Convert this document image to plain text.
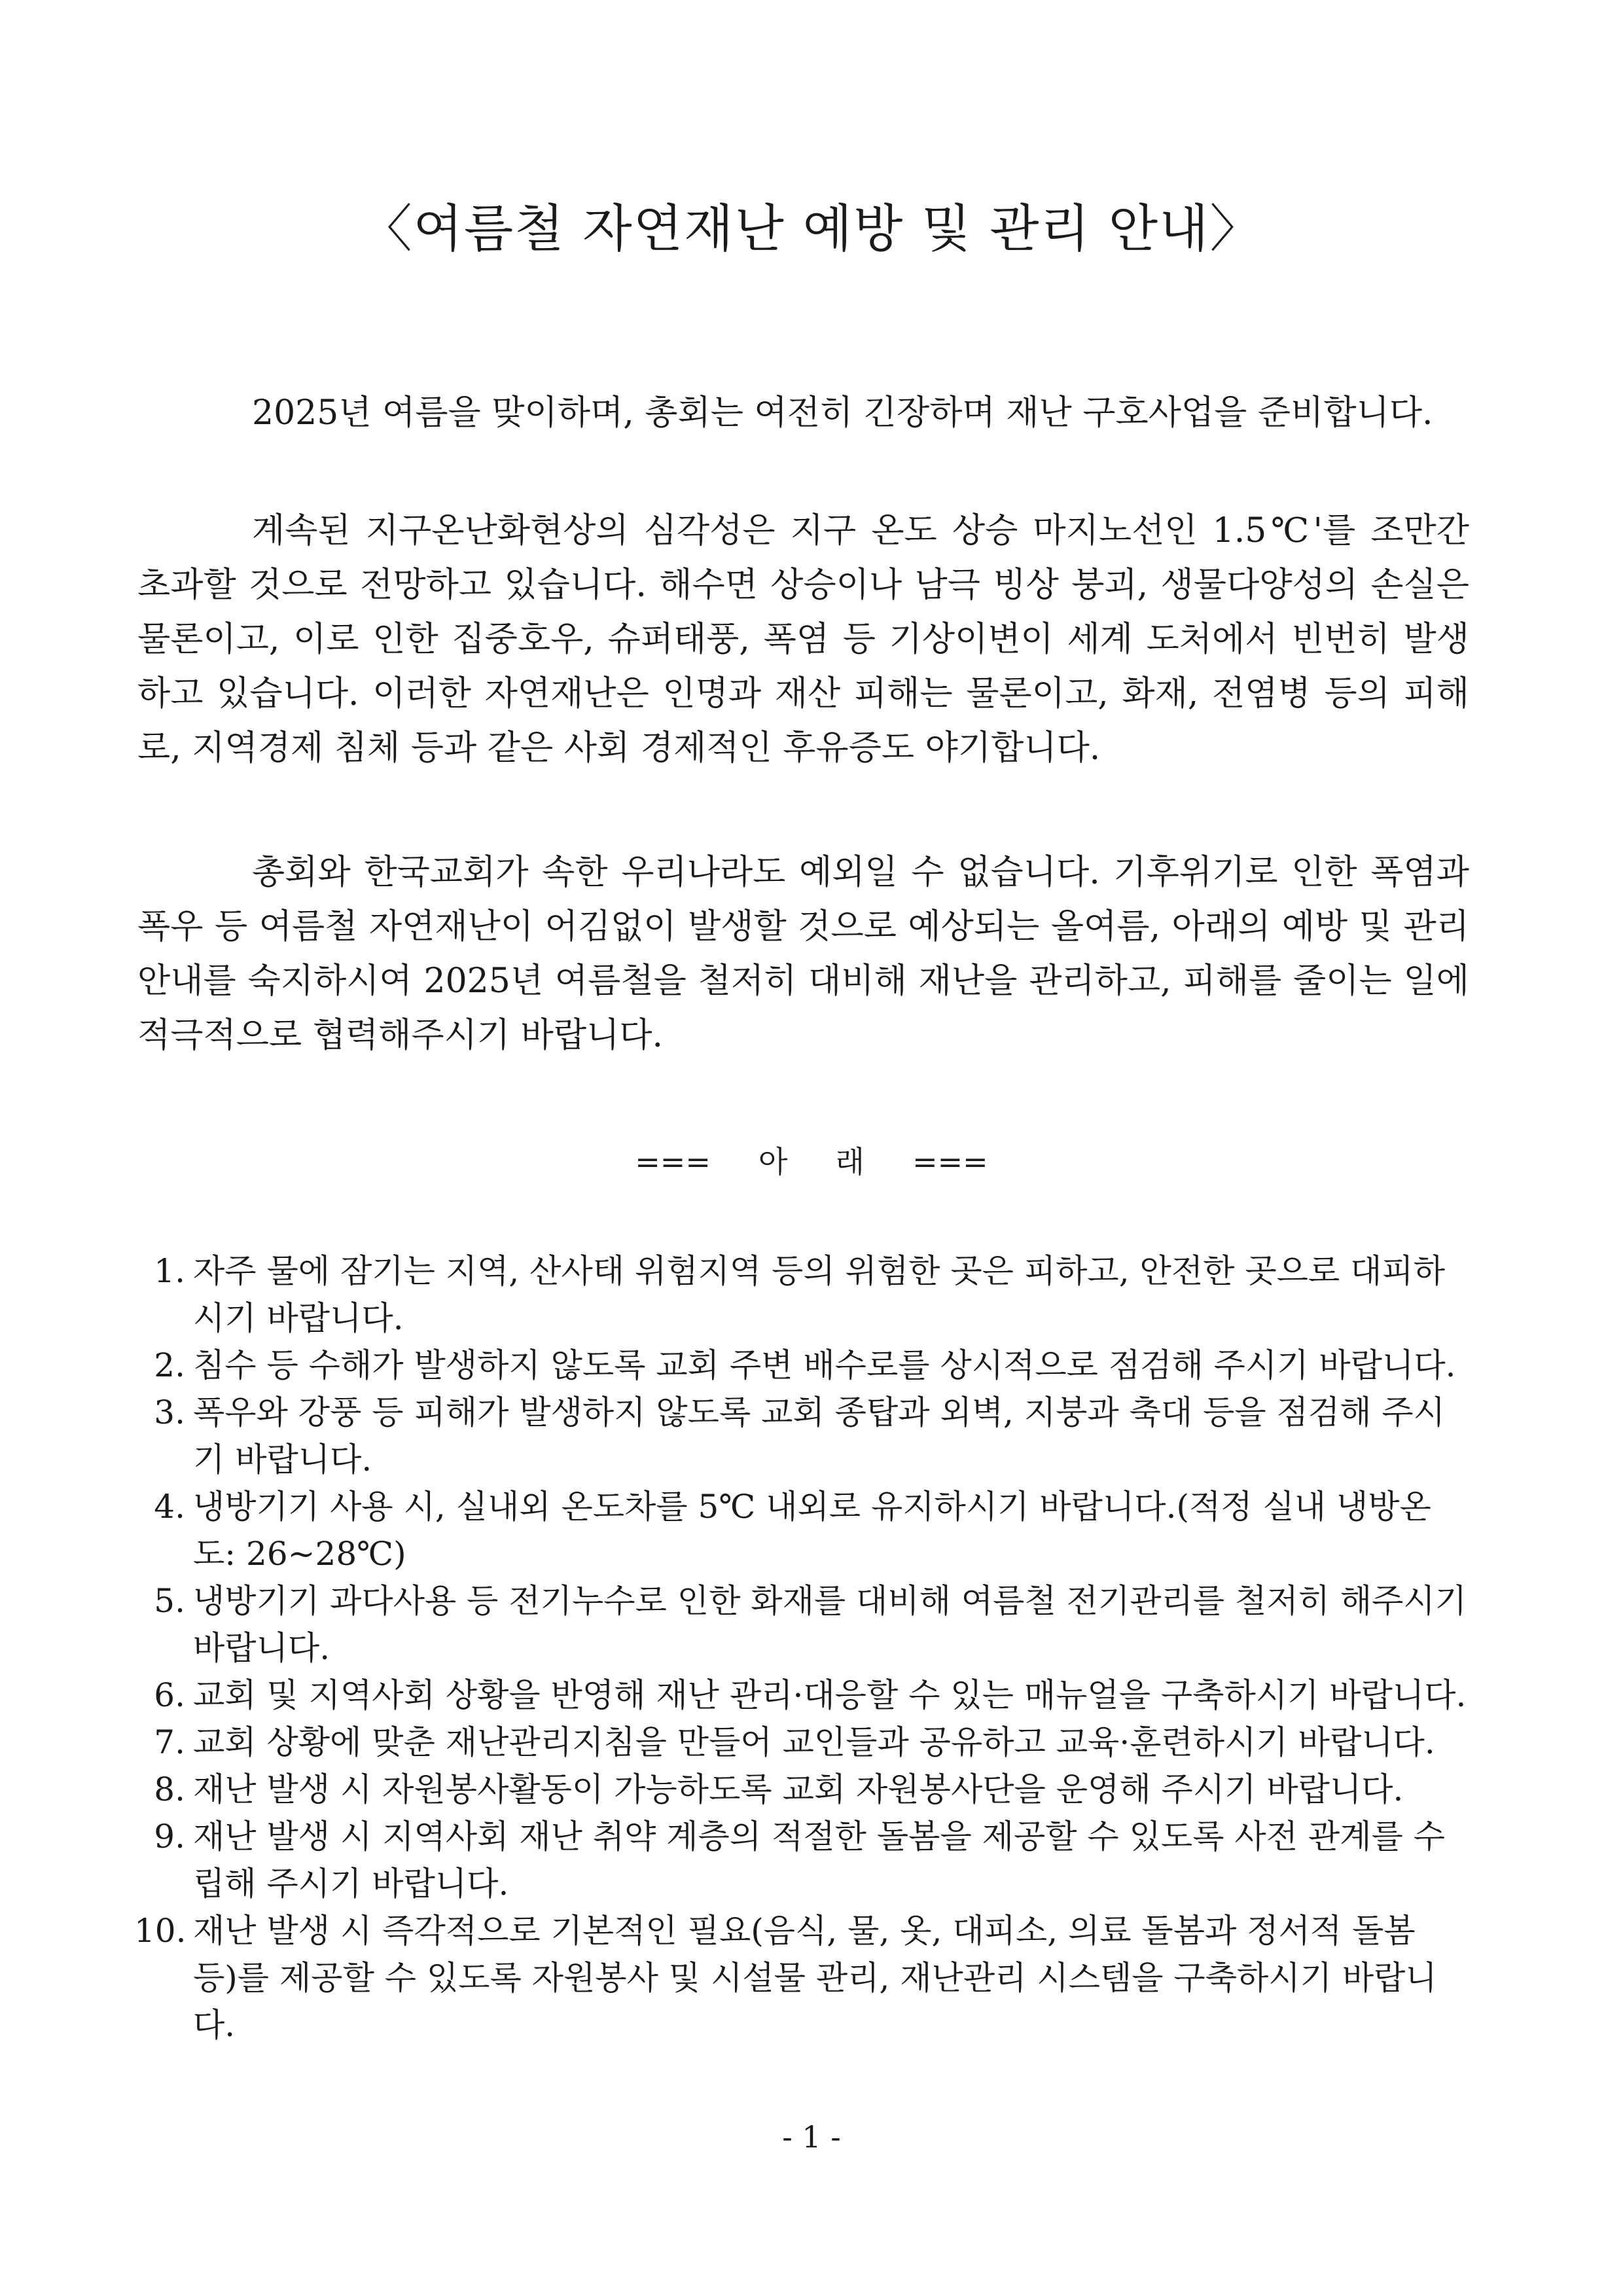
〈여름철 자연재난 예방 및 관리 안내〉

2025년 여름을 맞이하며, 총회는 여전히 긴장하며 재난 구호사업을 준비합니다.

계속된 지구온난화현상의 심각성은 지구 온도 상승 마지노선인 1.5℃'를 조만간 초과할 것으로 전망하고 있습니다. 해수면 상승이나 남극 빙상 붕괴, 생물다양성의 손실은 물론이고, 이로 인한 집중호우, 슈퍼태풍, 폭염 등 기상이변이 세계 도처에서 빈번히 발생하고 있습니다. 이러한 자연재난은 인명과 재산 피해는 물론이고, 화재, 전염병 등의 피해로, 지역경제 침체 등과 같은 사회 경제적인 후유증도 야기합니다.

총회와 한국교회가 속한 우리나라도 예외일 수 없습니다. 기후위기로 인한 폭염과 폭우 등 여름철 자연재난이 어김없이 발생할 것으로 예상되는 올여름, 아래의 예방 및 관리 안내를 숙지하시여 2025년 여름철을 철저히 대비해 재난을 관리하고, 피해를 줄이는 일에 적극적으로 협력해주시기 바랍니다.

===     아     래     ===

1. 자주 물에 잠기는 지역, 산사태 위험지역 등의 위험한 곳은 피하고, 안전한 곳으로 대피하시기 바랍니다.
2. 침수 등 수해가 발생하지 않도록 교회 주변 배수로를 상시적으로 점검해 주시기 바랍니다.
3. 폭우와 강풍 등 피해가 발생하지 않도록 교회 종탑과 외벽, 지붕과 축대 등을 점검해 주시기 바랍니다.
4. 냉방기기 사용 시, 실내외 온도차를 5℃ 내외로 유지하시기 바랍니다.(적정 실내 냉방온도: 26~28℃)
5. 냉방기기 과다사용 등 전기누수로 인한 화재를 대비해 여름철 전기관리를 철저히 해주시기 바랍니다.
6. 교회 및 지역사회 상황을 반영해 재난 관리·대응할 수 있는 매뉴얼을 구축하시기 바랍니다.
7. 교회 상황에 맞춘 재난관리지침을 만들어 교인들과 공유하고 교육·훈련하시기 바랍니다.
8. 재난 발생 시 자원봉사활동이 가능하도록 교회 자원봉사단을 운영해 주시기 바랍니다.
9. 재난 발생 시 지역사회 재난 취약 계층의 적절한 돌봄을 제공할 수 있도록 사전 관계를 수립해 주시기 바랍니다.
10. 재난 발생 시 즉각적으로 기본적인 필요(음식, 물, 옷, 대피소, 의료 돌봄과 정서적 돌봄 등)를 제공할 수 있도록 자원봉사 및 시설물 관리, 재난관리 시스템을 구축하시기 바랍니다.

- 1 -
